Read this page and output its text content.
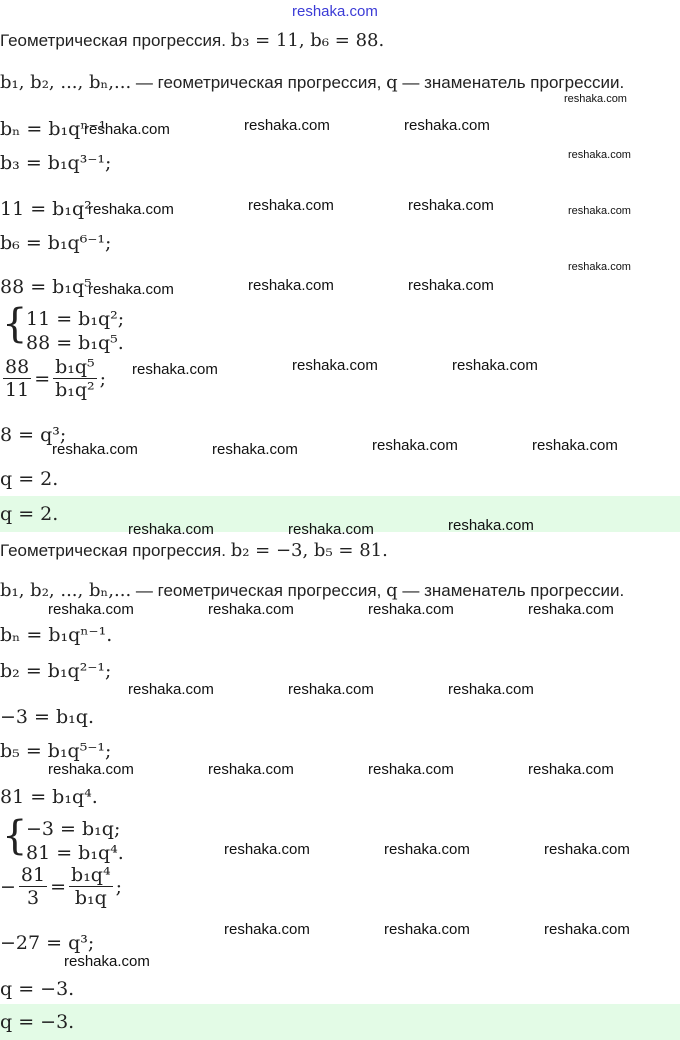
reshaka.com
Геометрическая прогрессия. b₃ = 11, b₆ = 88.
b₁, b₂, ..., bₙ,... — геометрическая прогрессия, q — знаменатель прогрессии.
bₙ = b₁qⁿ⁻¹
b₃ = b₁q³⁻¹;
11 = b₁q²
b₆ = b₁q⁶⁻¹;
88 = b₁q⁵
{
11 = b₁q²;
88 = b₁q⁵.
$\frac{88}{11} = \frac{\text{b₁q⁵}}{\text{b₁q²}}$ ;
8 = q³;
q = 2.
q = 2.
Геометрическая прогрессия. b₂ = −3, b₅ = 81.
b₁, b₂, ..., bₙ,... — геометрическая прогрессия, q — знаменатель прогрессии.
bₙ = b₁qⁿ⁻¹.
b₂ = b₁q²⁻¹;
−3 = b₁q.
b₅ = b₁q⁵⁻¹;
81 = b₁q⁴.
{
−3 = b₁q;
81 = b₁q⁴.
− $\frac{81}{3} = \frac{\text{b₁q⁴}}{\text{b₁q}}$ ;
−27 = q³;
q = −3.
q = −3.
reshaka.com
reshaka.com	reshaka.com	reshaka.com
reshaka.com
reshaka.com	reshaka.com	reshaka.com	reshaka.com
reshaka.com
reshaka.com	reshaka.com	reshaka.com
reshaka.com	reshaka.com	reshaka.com
reshaka.com	reshaka.com	reshaka.com	reshaka.com
reshaka.com	reshaka.com	reshaka.com
reshaka.com	reshaka.com	reshaka.com	reshaka.com
reshaka.com	reshaka.com	reshaka.com
reshaka.com	reshaka.com	reshaka.com	reshaka.com
reshaka.com	reshaka.com	reshaka.com
reshaka.com	reshaka.com	reshaka.com
reshaka.com
